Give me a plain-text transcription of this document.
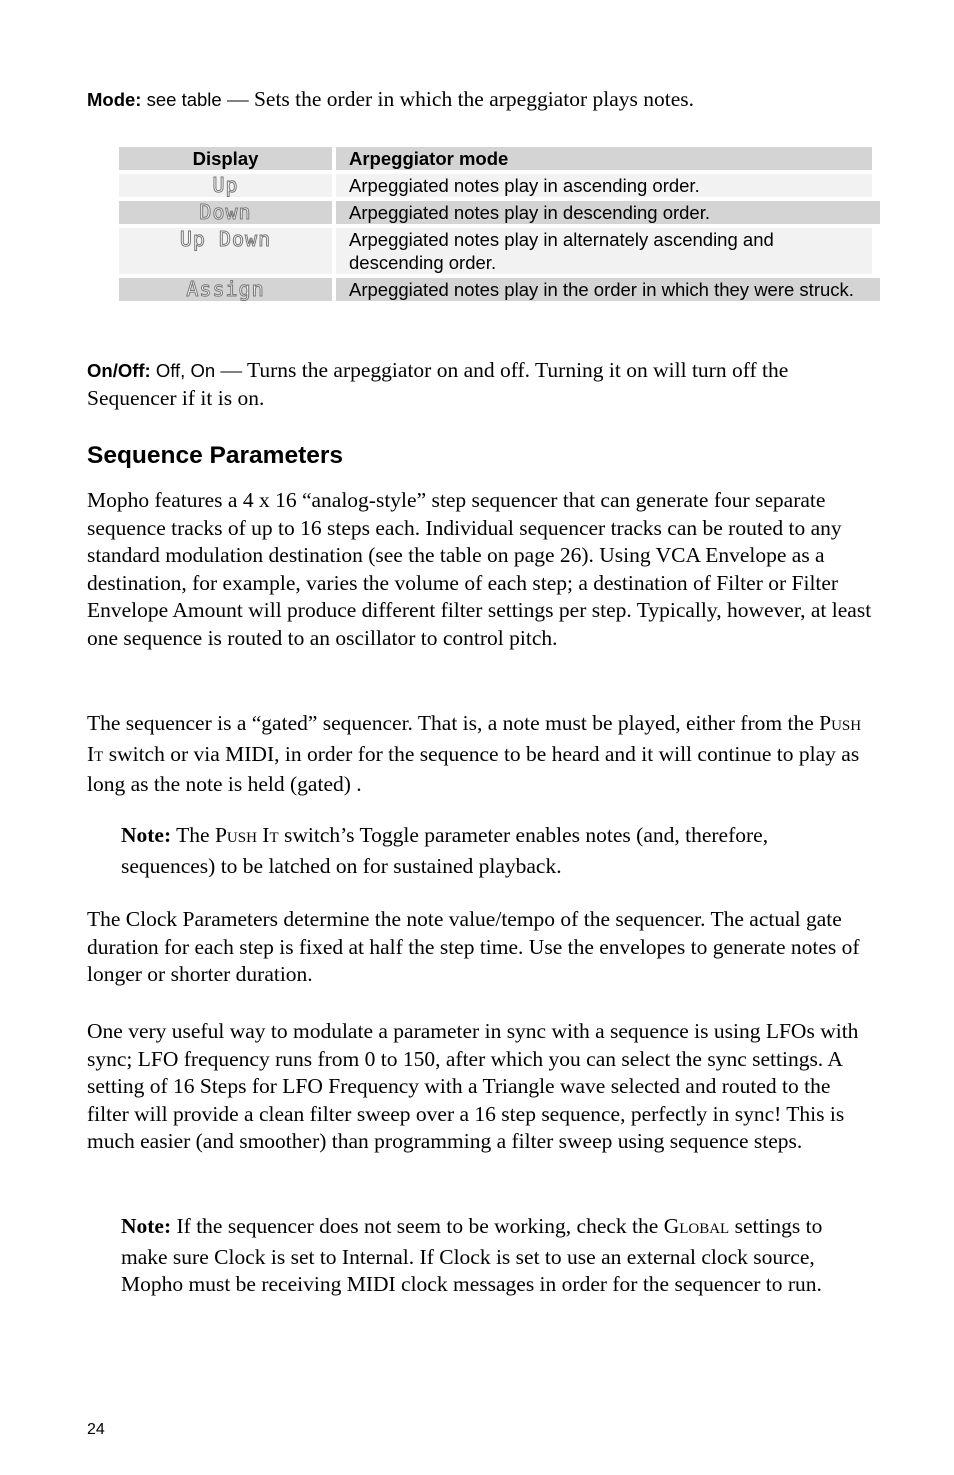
Mode: see table — Sets the order in which the arpeggiator plays notes.

Display		Arpeggiator mode	
Up		Arpeggiated notes play in ascending order.	
Down		Arpeggiated notes play in descending order.	
Up Down		Arpeggiated notes play in alternately ascending and descending order.	
Assign		Arpeggiated notes play in the order in which they were struck.	

On/Off: Off, On — Turns the arpeggiator on and off. Turning it on will turn off the Sequencer if it is on.

Sequence Parameters

Mopho features a 4 x 16 “analog-style” step sequencer that can generate four separate sequence tracks of up to 16 steps each. Individual sequencer tracks can be routed to any standard modulation destination (see the table on page 26). Using VCA Envelope as a destination, for example, varies the volume of each step; a destination of Filter or Filter Envelope Amount will produce different filter settings per step. Typically, however, at least one sequence is routed to an oscillator to control pitch.

The sequencer is a “gated” sequencer. That is, a note must be played, either from the PUSH IT switch or via MIDI, in order for the sequence to be heard and it will continue to play as long as the note is held (gated) .

Note: The PUSH IT switch’s Toggle parameter enables notes (and, therefore, sequences) to be latched on for sustained playback.

The Clock Parameters determine the note value/tempo of the sequencer. The actual gate duration for each step is fixed at half the step time. Use the envelopes to generate notes of longer or shorter duration.

One very useful way to modulate a parameter in sync with a sequence is using LFOs with sync; LFO frequency runs from 0 to 150, after which you can select the sync settings. A setting of 16 Steps for LFO Frequency with a Triangle wave selected and routed to the filter will provide a clean filter sweep over a 16 step sequence, perfectly in sync! This is much easier (and smoother) than programming a filter sweep using sequence steps.

Note: If the sequencer does not seem to be working, check the GLOBAL settings to make sure Clock is set to Internal. If Clock is set to use an external clock source, Mopho must be receiving MIDI clock messages in order for the sequencer to run.

24
